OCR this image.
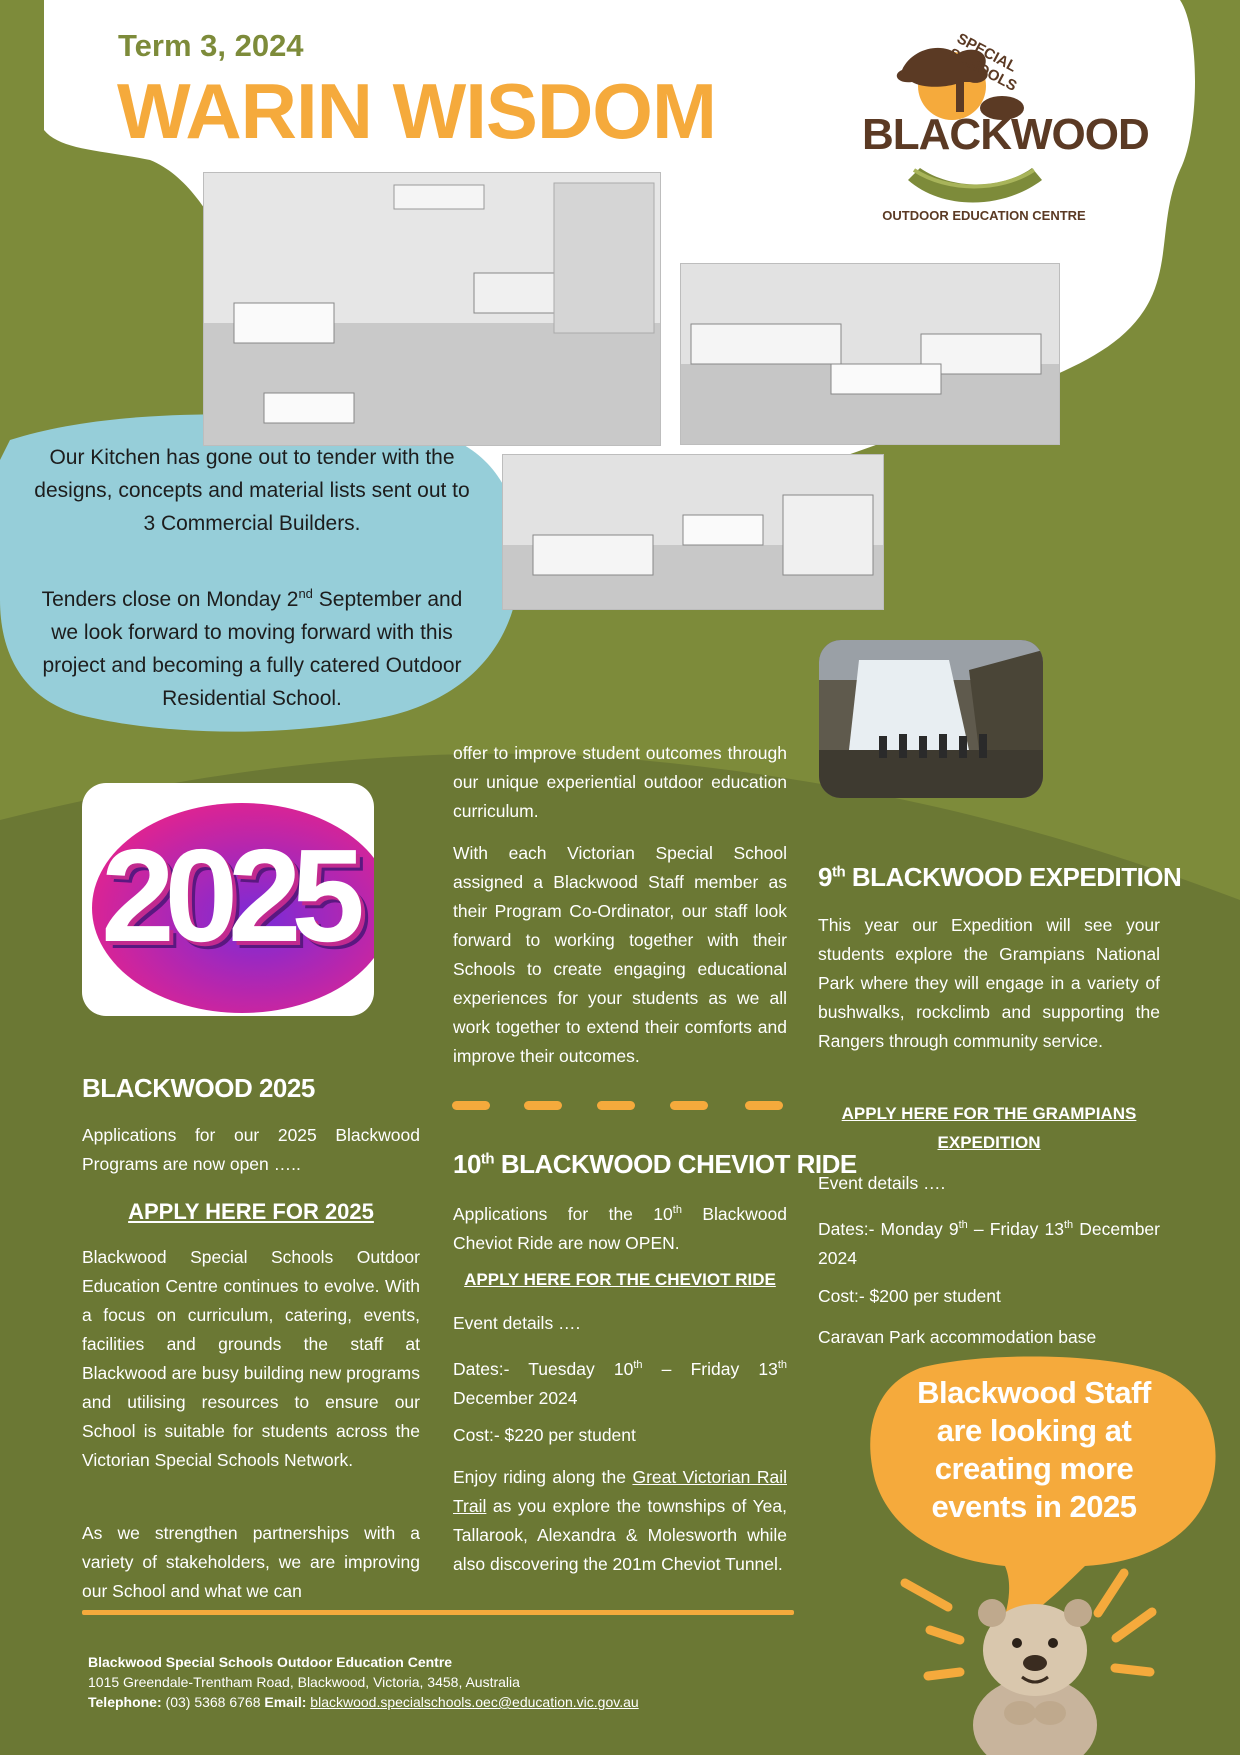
Term 3, 2024
WARIN WISDOM
SPECIAL SCHOOLS
BLACKWOOD
OUTDOOR EDUCATION CENTRE
Our Kitchen has gone out to tender with the designs, concepts and material lists sent out to 3 Commercial Builders.
Tenders close on Monday 2nd September and we look forward to moving forward with this project and becoming a fully catered Outdoor Residential School.
2025
BLACKWOOD 2025

Applications for our 2025 Blackwood Programs are now open …..

APPLY HERE FOR 2025

Blackwood Special Schools Outdoor Education Centre continues to evolve. With a focus on curriculum, catering, events, facilities and grounds the staff at Blackwood are busy building new programs and utilising resources to ensure our School is suitable for students across the Victorian Special Schools Network.

As we strengthen partnerships with a variety of stakeholders, we are improving our School and what we can

offer to improve student outcomes through our unique experiential outdoor education curriculum.

With each Victorian Special School assigned a Blackwood Staff member as their Program Co-Ordinator, our staff look forward to working together with their Schools to create engaging educational experiences for your students as we all work together to extend their comforts and improve their outcomes.

10th BLACKWOOD CHEVIOT RIDE

Applications for the 10th Blackwood Cheviot Ride are now OPEN.

APPLY HERE FOR THE CHEVIOT RIDE

Event details ….

Dates:- Tuesday 10th – Friday 13th December 2024

Cost:- $220 per student

Enjoy riding along the Great Victorian Rail Trail as you explore the townships of Yea, Tallarook, Alexandra & Molesworth while also discovering the 201m Cheviot Tunnel.

9th BLACKWOOD EXPEDITION

This year our Expedition will see your students explore the Grampians National Park where they will engage in a variety of bushwalks, rockclimb and supporting the Rangers through community service.

APPLY HERE FOR THE GRAMPIANS
EXPEDITION

Event details ….

Dates:- Monday 9th – Friday 13th December 2024

Cost:- $200 per student

Caravan Park accommodation base

Blackwood Staff are looking at creating more events in 2025
Blackwood Special Schools Outdoor Education Centre
1015 Greendale-Trentham Road, Blackwood, Victoria, 3458, Australia
Telephone: (03) 5368 6768 Email: blackwood.specialschools.oec@education.vic.gov.au
